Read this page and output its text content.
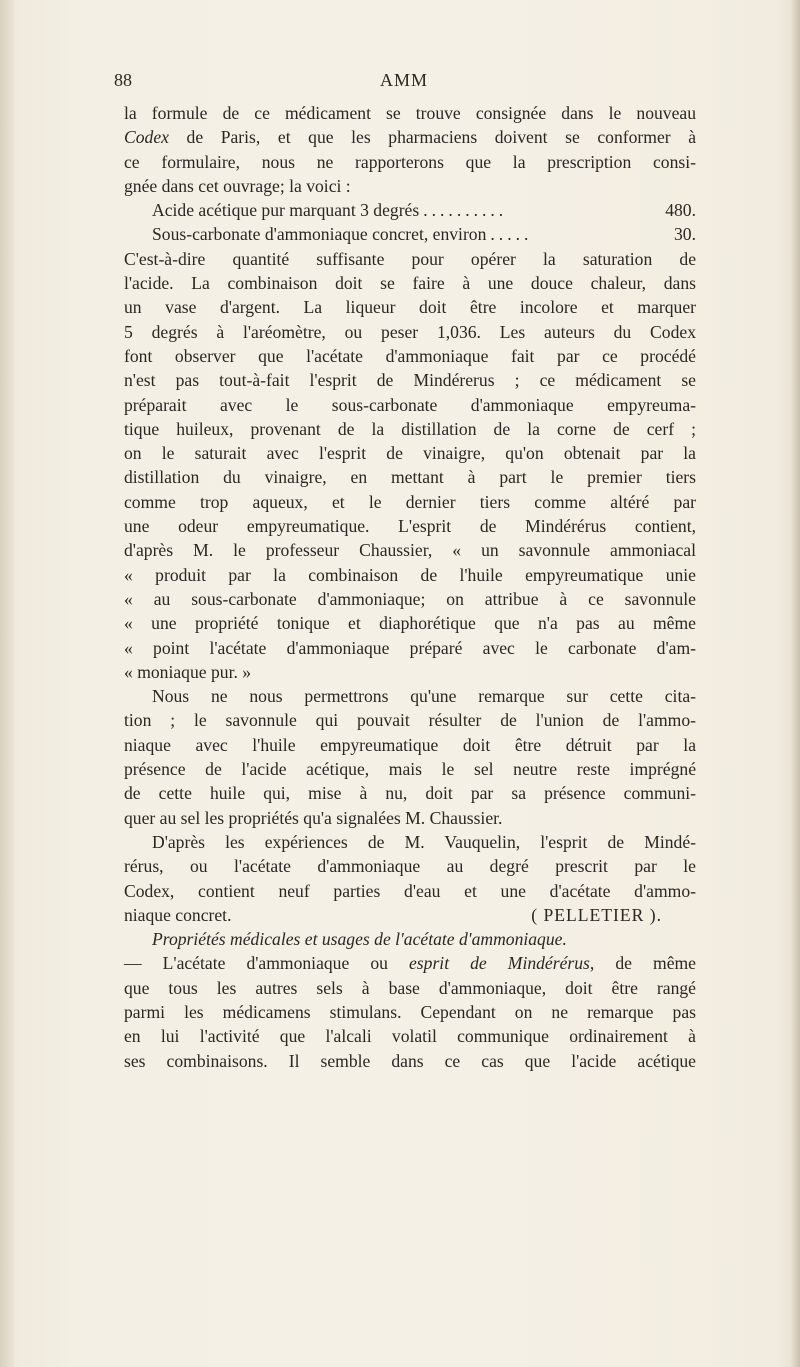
88	AMM
la formule de ce médicament se trouve consignée dans le nouveau
Codex de Paris, et que les pharmaciens doivent se conformer à
ce formulaire, nous ne rapporterons que la prescription consi-
gnée dans cet ouvrage; la voici :
Acide acétique pur marquant 3 degrés ..........	480.
Sous-carbonate d'ammoniaque concret, environ .....	30.
C'est-à-dire quantité suffisante pour opérer la saturation de
l'acide. La combinaison doit se faire à une douce chaleur, dans
un vase d'argent. La liqueur doit être incolore et marquer
5 degrés à l'aréomètre, ou peser 1,036. Les auteurs du Codex
font observer que l'acétate d'ammoniaque fait par ce procédé
n'est pas tout-à-fait l'esprit de Mindérerus ; ce médicament se
préparait avec le sous-carbonate d'ammoniaque empyreuma-
tique huileux, provenant de la distillation de la corne de cerf ;
on le saturait avec l'esprit de vinaigre, qu'on obtenait par la
distillation du vinaigre, en mettant à part le premier tiers
comme trop aqueux, et le dernier tiers comme altéré par
une odeur empyreumatique. L'esprit de Mindérérus contient,
d'après M. le professeur Chaussier, « un savonnule ammoniacal
« produit par la combinaison de l'huile empyreumatique unie
« au sous-carbonate d'ammoniaque; on attribue à ce savonnule
« une propriété tonique et diaphorétique que n'a pas au même
« point l'acétate d'ammoniaque préparé avec le carbonate d'am-
« moniaque pur. »
Nous ne nous permettrons qu'une remarque sur cette cita-
tion ; le savonnule qui pouvait résulter de l'union de l'ammo-
niaque avec l'huile empyreumatique doit être détruit par la
présence de l'acide acétique, mais le sel neutre reste imprégné
de cette huile qui, mise à nu, doit par sa présence communi-
quer au sel les propriétés qu'a signalées M. Chaussier.
D'après les expériences de M. Vauquelin, l'esprit de Mindé-
rérus, ou l'acétate d'ammoniaque au degré prescrit par le
Codex, contient neuf parties d'eau et une d'acétate d'ammo-
niaque concret.	( PELLETIER ).
Propriétés médicales et usages de l'acétate d'ammoniaque.
— L'acétate d'ammoniaque ou esprit de Mindérérus, de même
que tous les autres sels à base d'ammoniaque, doit être rangé
parmi les médicamens stimulans. Cependant on ne remarque pas
en lui l'activité que l'alcali volatil communique ordinairement à
ses combinaisons. Il semble dans ce cas que l'acide acétique
